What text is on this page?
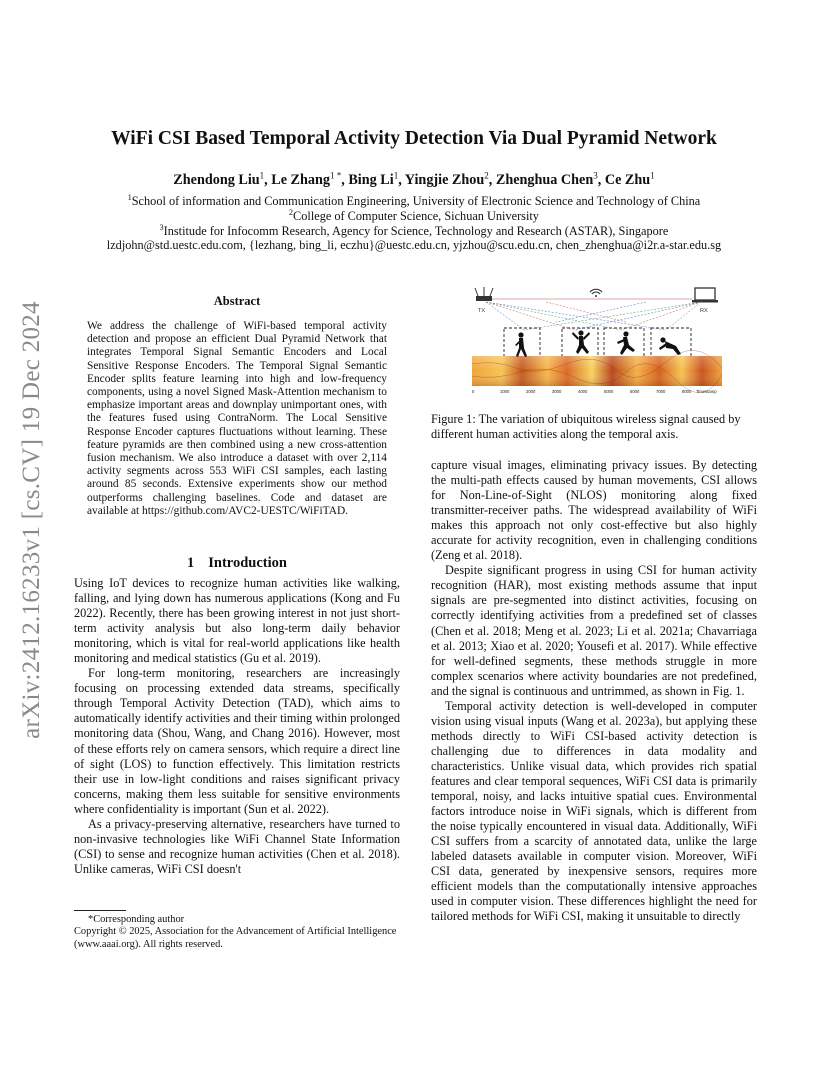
arXiv:2412.16233v1 [cs.CV] 19 Dec 2024
WiFi CSI Based Temporal Activity Detection Via Dual Pyramid Network
Zhendong Liu$^1$, Le Zhang$^{1 *}$, Bing Li$^1$, Yingjie Zhou$^2$, Zhenghua Chen$^3$, Ce Zhu$^1$
$^1$School of information and Communication Engineering, University of Electronic Science and Technology of China
$^2$College of Computer Science, Sichuan University
$^3$Institude for Infocomm Research, Agency for Science, Technology and Research (ASTAR), Singapore
lzdjohn@std.uestc.edu.com, {lezhang, bing_li, eczhu}@uestc.edu.cn, yjzhou@scu.edu.cn, chen_zhenghua@i2r.a-star.edu.sg
Abstract
We address the challenge of WiFi-based temporal activity detection and propose an efficient Dual Pyramid Network that integrates Temporal Signal Semantic Encoders and Local Sensitive Response Encoders. The Temporal Signal Semantic Encoder splits feature learning into high and low-frequency components, using a novel Signed Mask-Attention mechanism to emphasize important areas and downplay unimportant ones, with the features fused using ContraNorm. The Local Sensitive Response Encoder captures fluctuations without learning. These feature pyramids are then combined using a new cross-attention fusion mechanism. We also introduce a dataset with over 2,114 activity segments across 553 WiFi CSI samples, each lasting around 85 seconds. Extensive experiments show our method outperforms challenging baselines. Code and dataset are available at https://github.com/AVC2-UESTC/WiFiTAD.
1 Introduction

Using IoT devices to recognize human activities like walking, falling, and lying down has numerous applications (Kong and Fu 2022). Recently, there has been growing interest in not just short-term activity analysis but also long-term daily behavior monitoring, which is vital for real-world applications like health monitoring and medical statistics (Gu et al. 2019).

For long-term monitoring, researchers are increasingly focusing on processing extended data streams, specifically through Temporal Activity Detection (TAD), which aims to automatically identify activities and their timing within prolonged monitoring data (Shou, Wang, and Chang 2016). However, most of these efforts rely on camera sensors, which require a direct line of sight (LOS) to function effectively. This limitation restricts their use in low-light conditions and raises significant privacy concerns, making them less suitable for sensitive environments where confidentiality is important (Sun et al. 2022).

As a privacy-preserving alternative, researchers have turned to non-invasive technologies like WiFi Channel State Information (CSI) to sense and recognize human activities (Chen et al. 2018). Unlike cameras, WiFi CSI doesn't

*Corresponding author

Copyright © 2025, Association for the Advancement of Artificial Intelligence (www.aaai.org). All rights reserved.

TX	RX
0	1000	2000	3000	4000	5000	6000	7000	8000 Timestamp
Figure 1: The variation of ubiquitous wireless signal caused by different human activities along the temporal axis.

capture visual images, eliminating privacy issues. By detecting the multi-path effects caused by human movements, CSI allows for Non-Line-of-Sight (NLOS) monitoring along fixed transmitter-receiver paths. The widespread availability of WiFi makes this approach not only cost-effective but also highly accurate for activity recognition, even in challenging conditions (Zeng et al. 2018).

Despite significant progress in using CSI for human activity recognition (HAR), most existing methods assume that input signals are pre-segmented into distinct activities, focusing on correctly identifying activities from a predefined set of classes (Chen et al. 2018; Meng et al. 2023; Li et al. 2021a; Chavarriaga et al. 2013; Xiao et al. 2020; Yousefi et al. 2017). While effective for well-defined segments, these methods struggle in more complex scenarios where activity boundaries are not predefined, and the signal is continuous and untrimmed, as shown in Fig. 1.

Temporal activity detection is well-developed in computer vision using visual inputs (Wang et al. 2023a), but applying these methods directly to WiFi CSI-based activity detection is challenging due to differences in data modality and characteristics. Unlike visual data, which provides rich spatial features and clear temporal sequences, WiFi CSI data is primarily temporal, noisy, and lacks intuitive spatial cues. Environmental factors introduce noise in WiFi signals, which is different from the noise typically encountered in visual data. Additionally, WiFi CSI suffers from a scarcity of annotated data, unlike the large labeled datasets available in computer vision. Moreover, WiFi CSI data, generated by inexpensive sensors, requires more efficient models than the computationally intensive approaches used in computer vision. These differences highlight the need for tailored methods for WiFi CSI, making it unsuitable to directly
